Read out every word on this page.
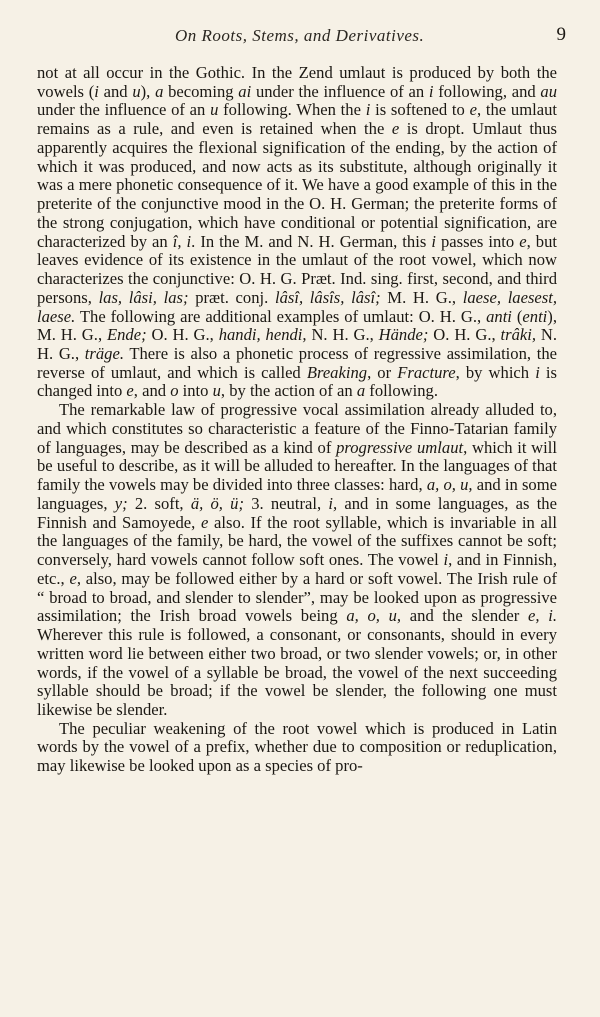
On Roots, Stems, and Derivatives.	9

not at all occur in the Gothic. In the Zend umlaut is produced by both the vowels (i and u), a becoming ai under the influence of an i following, and au under the influence of an u following. When the i is softened to e, the umlaut remains as a rule, and even is retained when the e is dropt. Umlaut thus apparently acquires the flexional signification of the ending, by the action of which it was produced, and now acts as its substitute, although originally it was a mere phonetic consequence of it. We have a good example of this in the preterite of the conjunctive mood in the O. H. German; the preterite forms of the strong conjugation, which have conditional or potential signification, are characterized by an î, i. In the M. and N. H. German, this i passes into e, but leaves evidence of its existence in the umlaut of the root vowel, which now characterizes the conjunctive: O. H. G. Præt. Ind. sing. first, second, and third persons, las, lâsi, las; præt. conj. lâsî, lâsîs, lâsî; M. H. G., laese, laesest, laese. The following are additional examples of umlaut: O. H. G., anti (enti), M. H. G., Ende; O. H. G., handi, hendi, N. H. G., Hände; O. H. G., trâki, N. H. G., träge. There is also a phonetic process of regressive assimilation, the reverse of umlaut, and which is called Breaking, or Fracture, by which i is changed into e, and o into u, by the action of an a following.

The remarkable law of progressive vocal assimilation already alluded to, and which constitutes so characteristic a feature of the Finno-Tatarian family of languages, may be described as a kind of progressive umlaut, which it will be useful to describe, as it will be alluded to hereafter. In the languages of that family the vowels may be divided into three classes: hard, a, o, u, and in some languages, y; 2. soft, ä, ö, ü; 3. neutral, i, and in some languages, as the Finnish and Samoyede, e also. If the root syllable, which is invariable in all the languages of the family, be hard, the vowel of the suffixes cannot be soft; conversely, hard vowels cannot follow soft ones. The vowel i, and in Finnish, etc., e, also, may be followed either by a hard or soft vowel. The Irish rule of “ broad to broad, and slender to slender”, may be looked upon as progressive assimilation; the Irish broad vowels being a, o, u, and the slender e, i. Wherever this rule is followed, a consonant, or consonants, should in every written word lie between either two broad, or two slender vowels; or, in other words, if the vowel of a syllable be broad, the vowel of the next succeeding syllable should be broad; if the vowel be slender, the following one must likewise be slender.

The peculiar weakening of the root vowel which is produced in Latin words by the vowel of a prefix, whether due to composition or reduplication, may likewise be looked upon as a species of pro-
